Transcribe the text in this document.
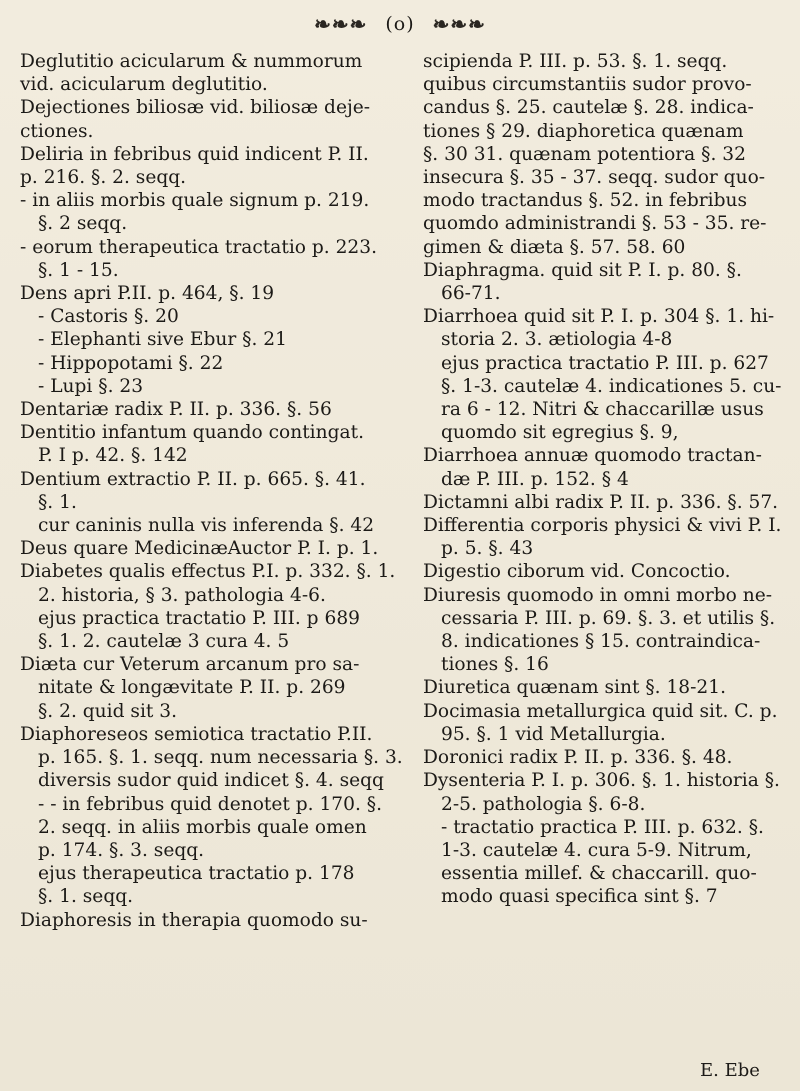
❧❧❧ (o) ❧❧❧
Deglutitio acicularum & nummorum
vid. acicularum deglutitio.
Dejectiones biliosæ vid. biliosæ deje-
ctiones.
Deliria in febribus quid indicent P. II.
p. 216. §. 2. seqq.
- in aliis morbis quale signum p. 219.
§. 2 seqq.
- eorum therapeutica tractatio p. 223.
§. 1 - 15.
Dens apri P.II. p. 464, §. 19
- Castoris §. 20
- Elephanti sive Ebur §. 21
- Hippopotami §. 22
- Lupi §. 23
Dentariæ radix P. II. p. 336. §. 56
Dentitio infantum quando contingat.
P. I p. 42. §. 142
Dentium extractio P. II. p. 665. §. 41.
§. 1.
cur caninis nulla vis inferenda §. 42
Deus quare MedicinæAuctor P. I. p. 1.
Diabetes qualis effectus P.I. p. 332. §. 1.
2. historia, § 3. pathologia 4-6.
ejus practica tractatio P. III. p 689
§. 1. 2. cautelæ 3 cura 4. 5
Diæta cur Veterum arcanum pro sa-
nitate & longævitate P. II. p. 269
§. 2. quid sit 3.
Diaphoreseos semiotica tractatio P.II.
p. 165. §. 1. seqq. num necessaria §. 3.
diversis sudor quid indicet §. 4. seqq
- - in febribus quid denotet p. 170. §.
2. seqq. in aliis morbis quale omen
p. 174. §. 3. seqq.
ejus therapeutica tractatio p. 178
§. 1. seqq.
Diaphoresis in therapia quomodo su-
scipienda P. III. p. 53. §. 1. seqq.
quibus circumstantiis sudor provo-
candus §. 25. cautelæ §. 28. indica-
tiones § 29. diaphoretica quænam
§. 30 31. quænam potentiora §. 32
insecura §. 35 - 37. seqq. sudor quo-
modo tractandus §. 52. in febribus
quomdo administrandi §. 53 - 35. re-
gimen & diæta §. 57. 58. 60
Diaphragma. quid sit P. I. p. 80. §.
66-71.
Diarrhoea quid sit P. I. p. 304 §. 1. hi-
storia 2. 3. ætiologia 4-8
ejus practica tractatio P. III. p. 627
§. 1-3. cautelæ 4. indicationes 5. cu-
ra 6 - 12. Nitri & chaccarillæ usus
quomdo sit egregius §. 9,
Diarrhoea annuæ quomodo tractan-
dæ P. III. p. 152. § 4
Dictamni albi radix P. II. p. 336. §. 57.
Differentia corporis physici & vivi P. I.
p. 5. §. 43
Digestio ciborum vid. Concoctio.
Diuresis quomodo in omni morbo ne-
cessaria P. III. p. 69. §. 3. et utilis §.
8. indicationes § 15. contraindica-
tiones §. 16
Diuretica quænam sint §. 18-21.
Docimasia metallurgica quid sit. C. p.
95. §. 1 vid Metallurgia.
Doronici radix P. II. p. 336. §. 48.
Dysenteria P. I. p. 306. §. 1. historia §.
2-5. pathologia §. 6-8.
- tractatio practica P. III. p. 632. §.
1-3. cautelæ 4. cura 5-9. Nitrum,
essentia millef. & chaccarill. quo-
modo quasi specifica sint §. 7
E. Ebe
